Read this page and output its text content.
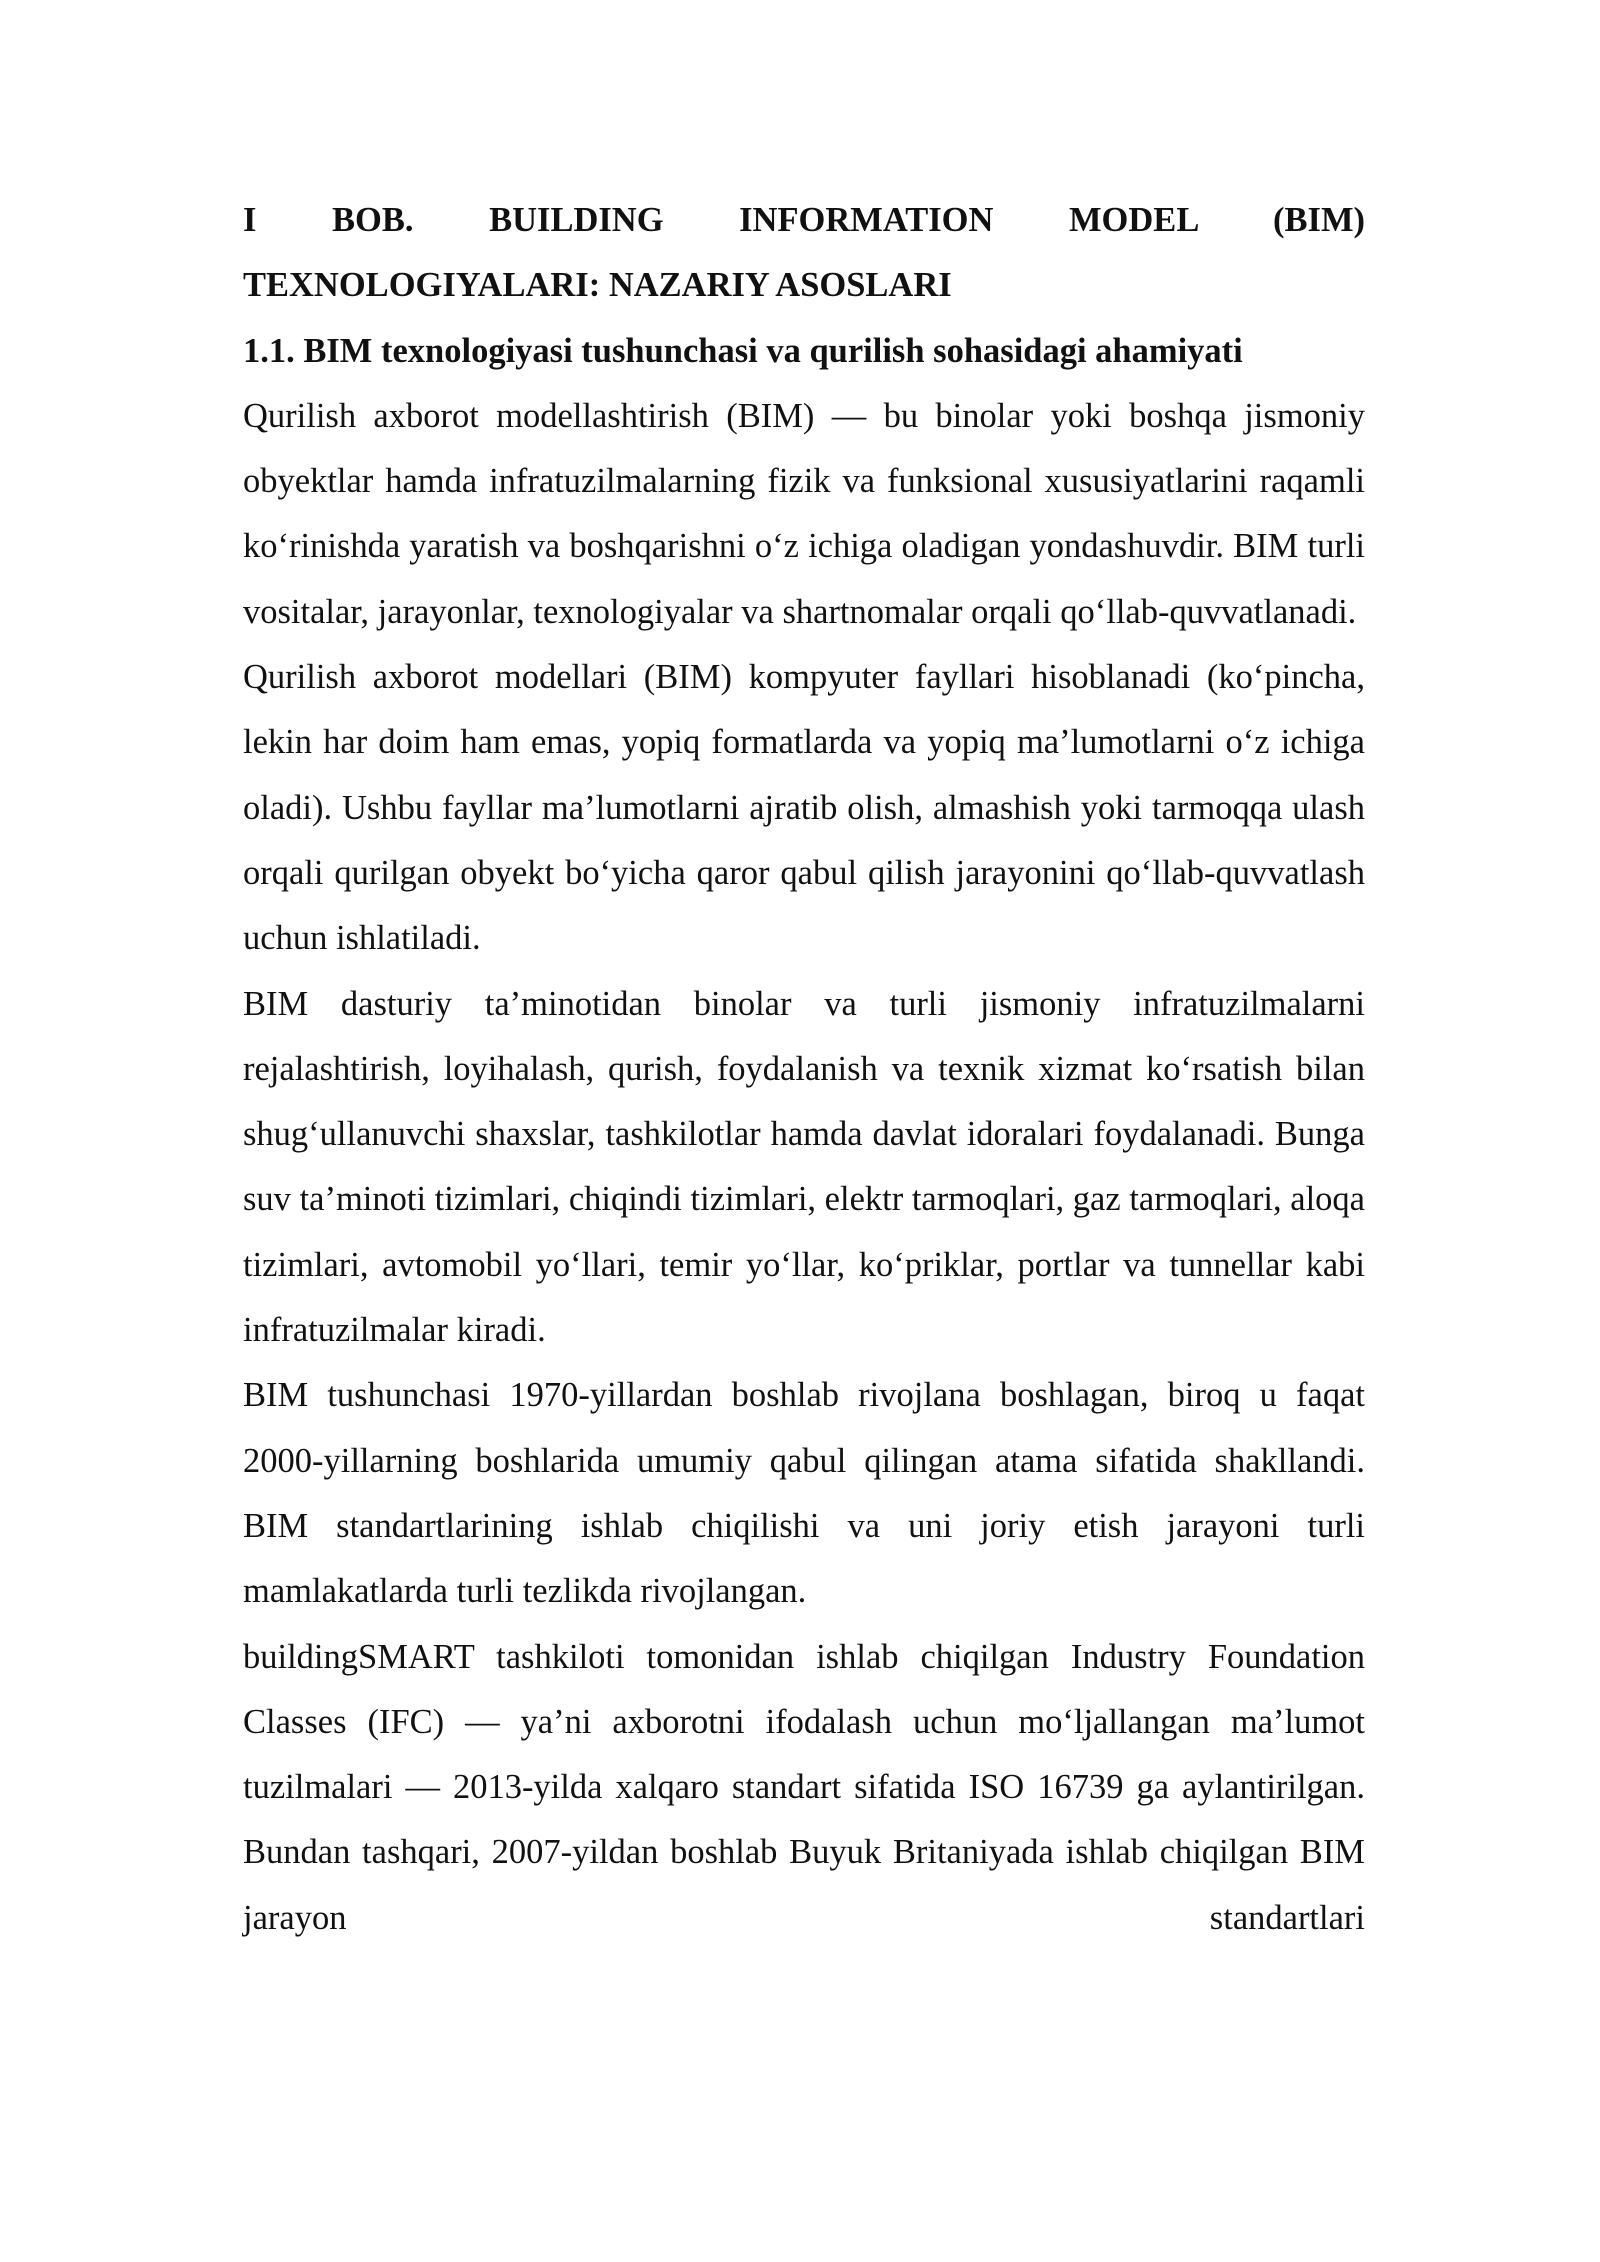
I BOB. BUILDING INFORMATION MODEL (BIM) TEXNOLOGIYALARI: NAZARIY ASOSLARI

1.1. BIM texnologiyasi tushunchasi va qurilish sohasidagi ahamiyati

Qurilish axborot modellashtirish (BIM) — bu binolar yoki boshqa jismoniy obyektlar hamda infratuzilmalarning fizik va funksional xususiyatlarini raqamli ko‘rinishda yaratish va boshqarishni o‘z ichiga oladigan yondashuvdir. BIM turli vositalar, jarayonlar, texnologiyalar va shartnomalar orqali qo‘llab-quvvatlanadi.

Qurilish axborot modellari (BIM) kompyuter fayllari hisoblanadi (ko‘pincha, lekin har doim ham emas, yopiq formatlarda va yopiq ma’lumotlarni o‘z ichiga oladi). Ushbu fayllar ma’lumotlarni ajratib olish, almashish yoki tarmoqqa ulash orqali qurilgan obyekt bo‘yicha qaror qabul qilish jarayonini qo‘llab-quvvatlash uchun ishlatiladi.

BIM dasturiy ta’minotidan binolar va turli jismoniy infratuzilmalarni rejalashtirish, loyihalash, qurish, foydalanish va texnik xizmat ko‘rsatish bilan shug‘ullanuvchi shaxslar, tashkilotlar hamda davlat idoralari foydalanadi. Bunga suv ta’minoti tizimlari, chiqindi tizimlari, elektr tarmoqlari, gaz tarmoqlari, aloqa tizimlari, avtomobil yo‘llari, temir yo‘llar, ko‘priklar, portlar va tunnellar kabi infratuzilmalar kiradi.

BIM tushunchasi 1970-yillardan boshlab rivojlana boshlagan, biroq u faqat 2000-yillarning boshlarida umumiy qabul qilingan atama sifatida shakllandi. BIM standartlarining ishlab chiqilishi va uni joriy etish jarayoni turli mamlakatlarda turli tezlikda rivojlangan.

buildingSMART tashkiloti tomonidan ishlab chiqilgan Industry Foundation Classes (IFC) — ya’ni axborotni ifodalash uchun mo‘ljallangan ma’lumot tuzilmalari — 2013-yilda xalqaro standart sifatida ISO 16739 ga aylantirilgan. Bundan tashqari, 2007-yildan boshlab Buyuk Britaniyada ishlab chiqilgan BIM jarayon standartlari
